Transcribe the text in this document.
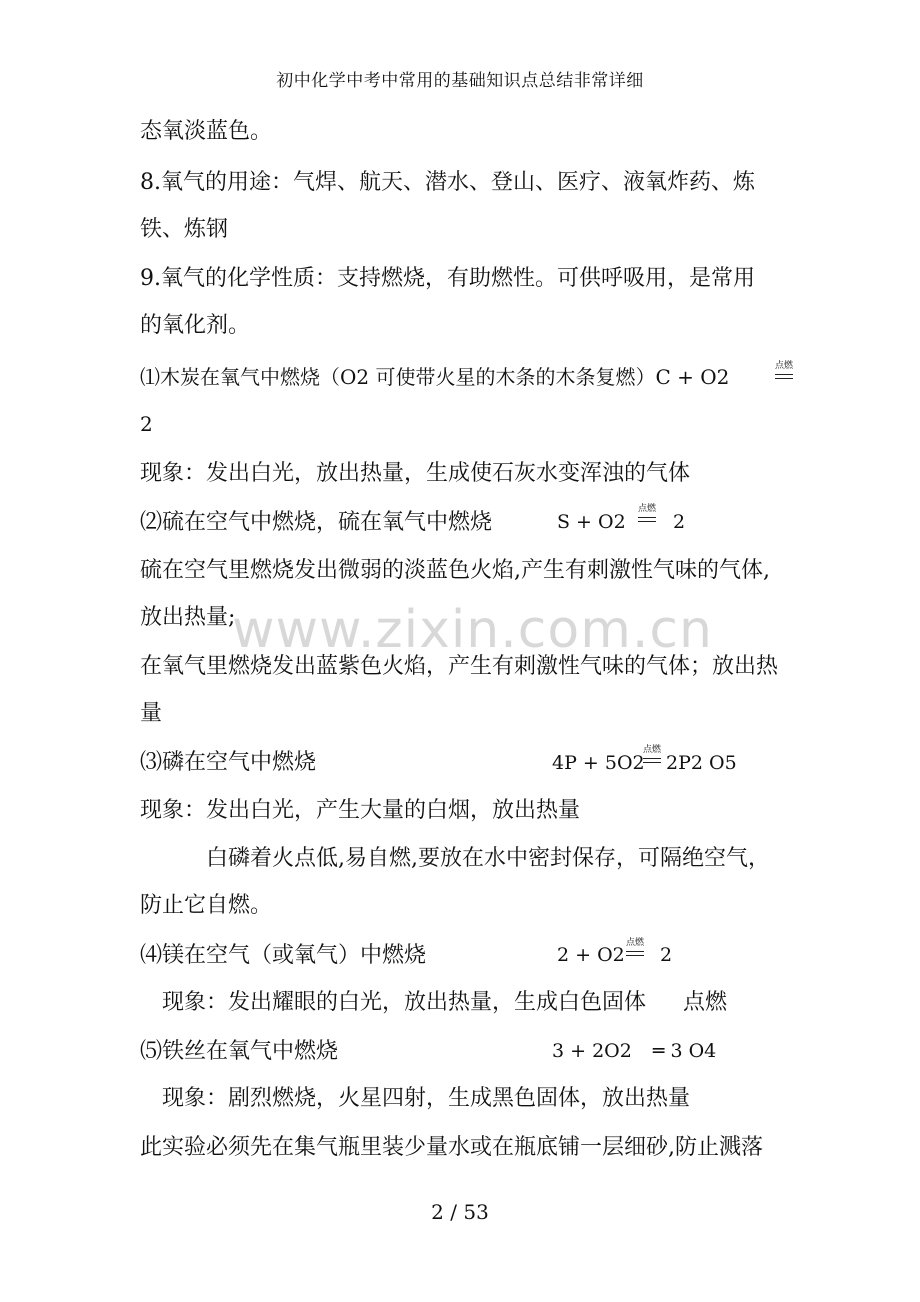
初中化学中考中常用的基础知识点总结非常详细
态氧淡蓝色。
8.氧气的用途：气焊、航天、潜水、登山、医疗、液氧炸药、炼
铁、炼钢
9.氧气的化学性质：支持燃烧，有助燃性。可供呼吸用，是常用
的氧化剂。
⑴木炭在氧气中燃烧（O2 可使带火星的木条的木条复燃）C + O2	点燃
2
现象：发出白光，放出热量，生成使石灰水变浑浊的气体
⑵硫在空气中燃烧，硫在氧气中燃烧	S + O2
点燃
2
硫在空气里燃烧发出微弱的淡蓝色火焰,产生有刺激性气味的气体,
放出热量;
在氧气里燃烧发出蓝紫色火焰，产生有刺激性气味的气体；放出热
量
⑶磷在空气中燃烧	4P + 5O2
点燃
2P2 O5
现象：发出白光，产生大量的白烟，放出热量
白磷着火点低,易自燃,要放在水中密封保存，可隔绝空气，
防止它自燃。
⑷镁在空气（或氧气）中燃烧	2 + O2
点燃
2
现象：发出耀眼的白光，放出热量，生成白色固体 点燃
⑸铁丝在氧气中燃烧	3 + 2O2 ═ 3 O4
现象：剧烈燃烧，火星四射，生成黑色固体，放出热量
此实验必须先在集气瓶里装少量水或在瓶底铺一层细砂,防止溅落
www.zixin.com.cn
2 / 53
